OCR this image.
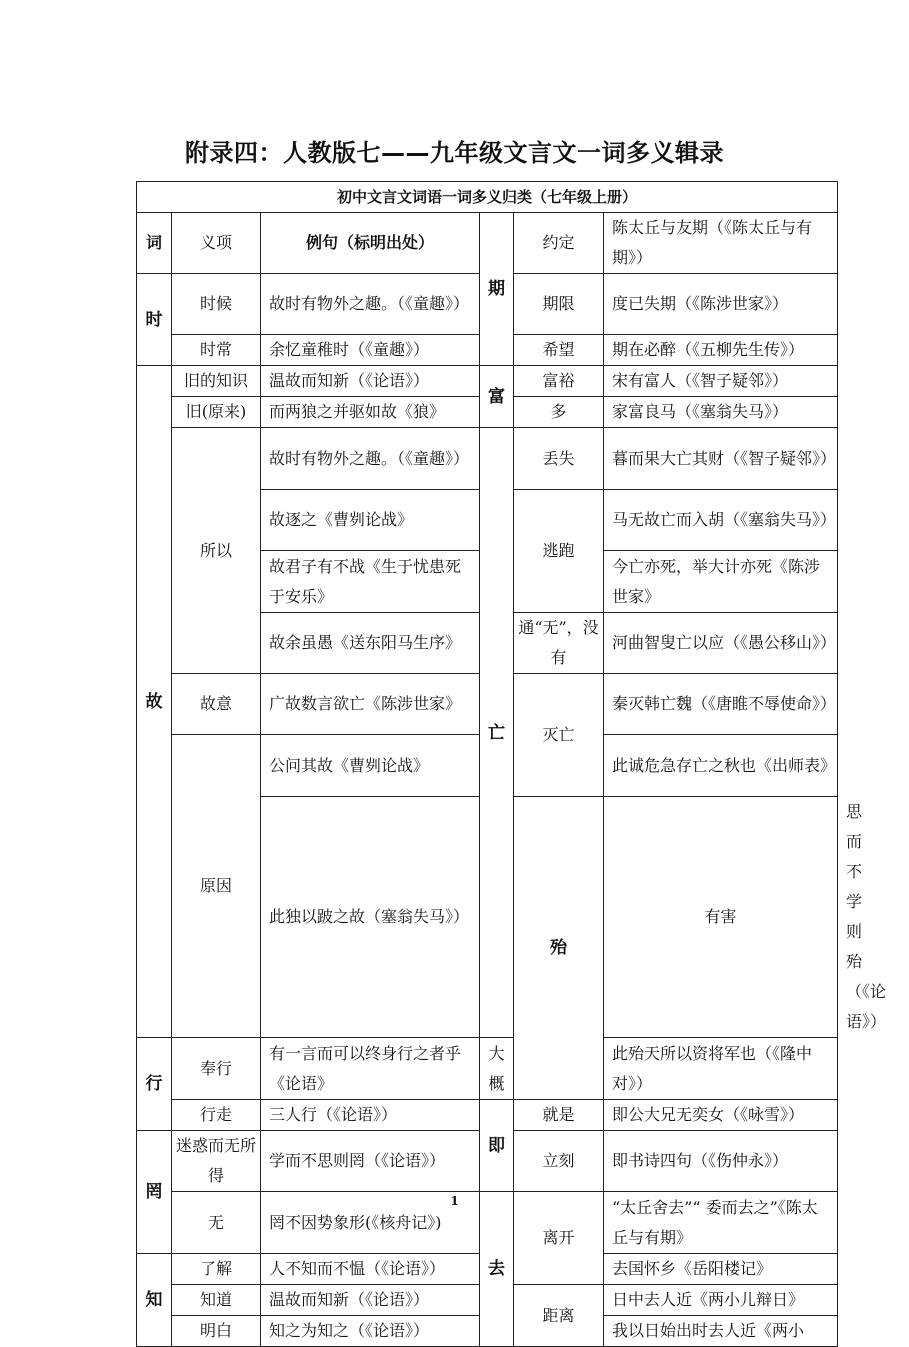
附录四：人教版七——九年级文言文一词多义辑录
初中文言文词语一词多义归类（七年级上册）						
词	义项	例句（标明出处）	期	约定	陈太丘与友期（《陈太丘与有期》）	
时	时候	故时有物外之趣。（《童趣》）		期限	度已失期（《陈涉世家》）	
	时常	余忆童稚时（《童趣》）		希望	期在必醉（《五柳先生传》）	
故	旧的知识	温故而知新（《论语》）	富	富裕	宋有富人（《智子疑邻》）	
	旧(原来)	而两狼之并驱如故《狼》		多	家富良马（《塞翁失马》）	
	所以	故时有物外之趣。（《童趣》）	亡	丢失	暮而果大亡其财（《智子疑邻》）	
		故逐之《曹刿论战》		逃跑	马无故亡而入胡（《塞翁失马》）	
		故君子有不战《生于忧患死于安乐》			今亡亦死，举大计亦死《陈涉世家》	
		故余虽愚《送东阳马生序》		通“无”，没有	河曲智叟亡以应（《愚公移山》）	
	故意	广故数言欲亡《陈涉世家》		灭亡	秦灭韩亡魏（《唐睢不辱使命》）	
	原因	公问其故《曹刿论战》			此诚危急存亡之秋也《出师表》	
		此独以跛之故（塞翁失马》）		殆	有害	思而不学则殆（《论语》）
行	奉行	有一言而可以终身行之者乎《论语》	大概		此殆天所以资将军也（《隆中对》）	
	行走	三人行（《论语》）	即	就是	即公大兄无奕女（《咏雪》）	
罔	迷惑而无所得	学而不思则罔（《论语》）		立刻	即书诗四句（《伤仲永》）	
	无	罔不因势象形(《核舟记》)	去	离开	“太丘舍去”“ 委而去之”《陈太丘与有期》	
知	了解	人不知而不愠（《论语》）			去国怀乡《岳阳楼记》	
	知道	温故而知新（《论语》）		距离	日中去人近《两小儿辩日》	
	明白	知之为知之（《论语》）			我以日始出时去人近《两小	
1
